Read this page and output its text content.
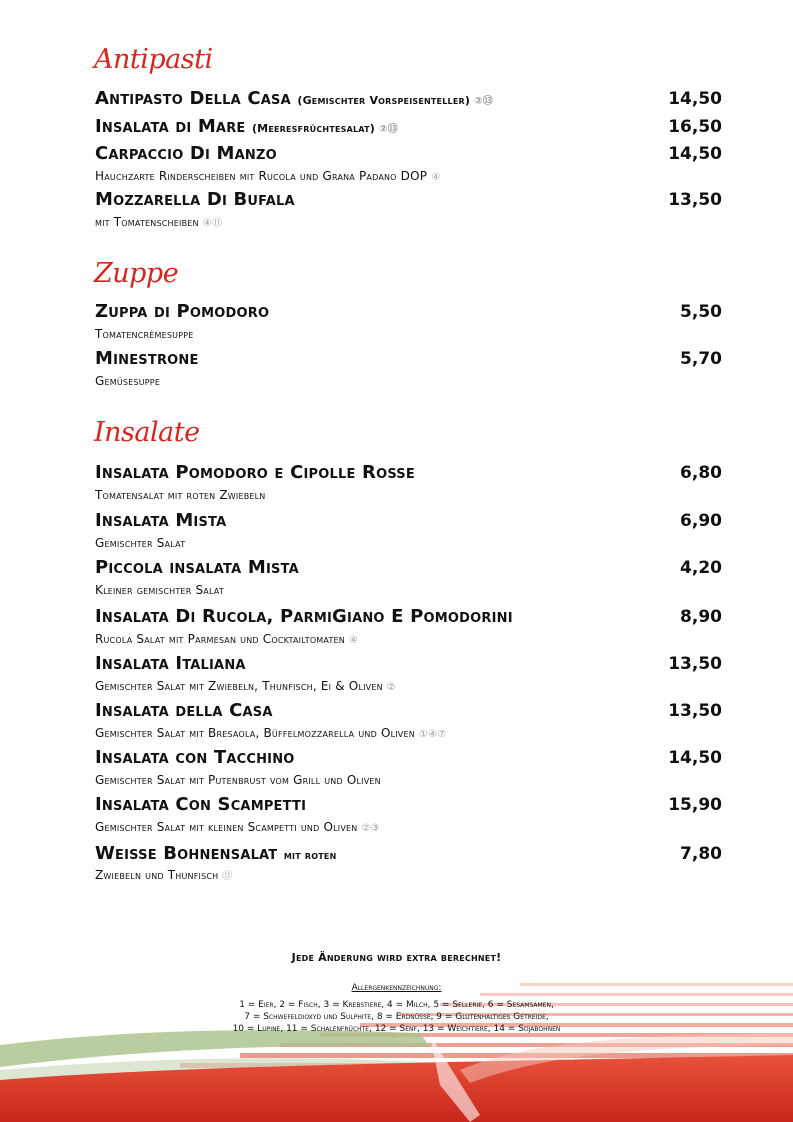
Antipasti
Antipasto Della Casa (Gemischter Vorspeisenteller) ②⑬	14,50
Insalata di Mare (Meeresfrüchtesalat) ②⑬	16,50
Carpaccio Di Manzo	14,50
Hauchzarte Rinderscheiben mit Rucola und Grana Padano DOP ④
Mozzarella Di Bufala	13,50
mit Tomatenscheiben ④⑪
Zuppe
Zuppa di Pomodoro	5,50
Tomatencrèmesuppe
Minestrone	5,70
Gemüsesuppe
Insalate
Insalata Pomodoro e Cipolle Rosse	6,80
Tomatensalat mit roten Zwiebeln
Insalata Mista	6,90
Gemischter Salat
Piccola insalata Mista	4,20
Kleiner gemischter Salat
Insalata Di Rucola, ParmiGiano E Pomodorini	8,90
Rucola Salat mit Parmesan und Cocktailtomaten ④
Insalata Italiana	13,50
Gemischter Salat mit Zwiebeln, Thunfisch, Ei & Oliven ②
Insalata della Casa	13,50
Gemischter Salat mit Bresaola, Büffelmozzarella und Oliven ①④⑦
Insalata con Tacchino	14,50
Gemischter Salat mit Putenbrust vom Grill und Oliven
Insalata Con Scampetti	15,90
Gemischter Salat mit kleinen Scampetti und Oliven ②③
Weisse Bohnensalat mit roten	7,80
Zwiebeln und Thunfisch ⑪
Jede Änderung wird extra berechnet!
Allergenkennzeichnung:
1 = Eier, 2 = Fisch, 3 = Krebstiere, 4 = Milch, 5 = Sellerie, 6 = Sesamsamen,
7 = Schwefeldioxyd und Sulphite, 8 = Erdnüsse, 9 = Glutenhaltiges Getreide,
10 = Lupine, 11 = Schalenfrüchte, 12 = Senf, 13 = Weichtiere, 14 = Sojabohnen
